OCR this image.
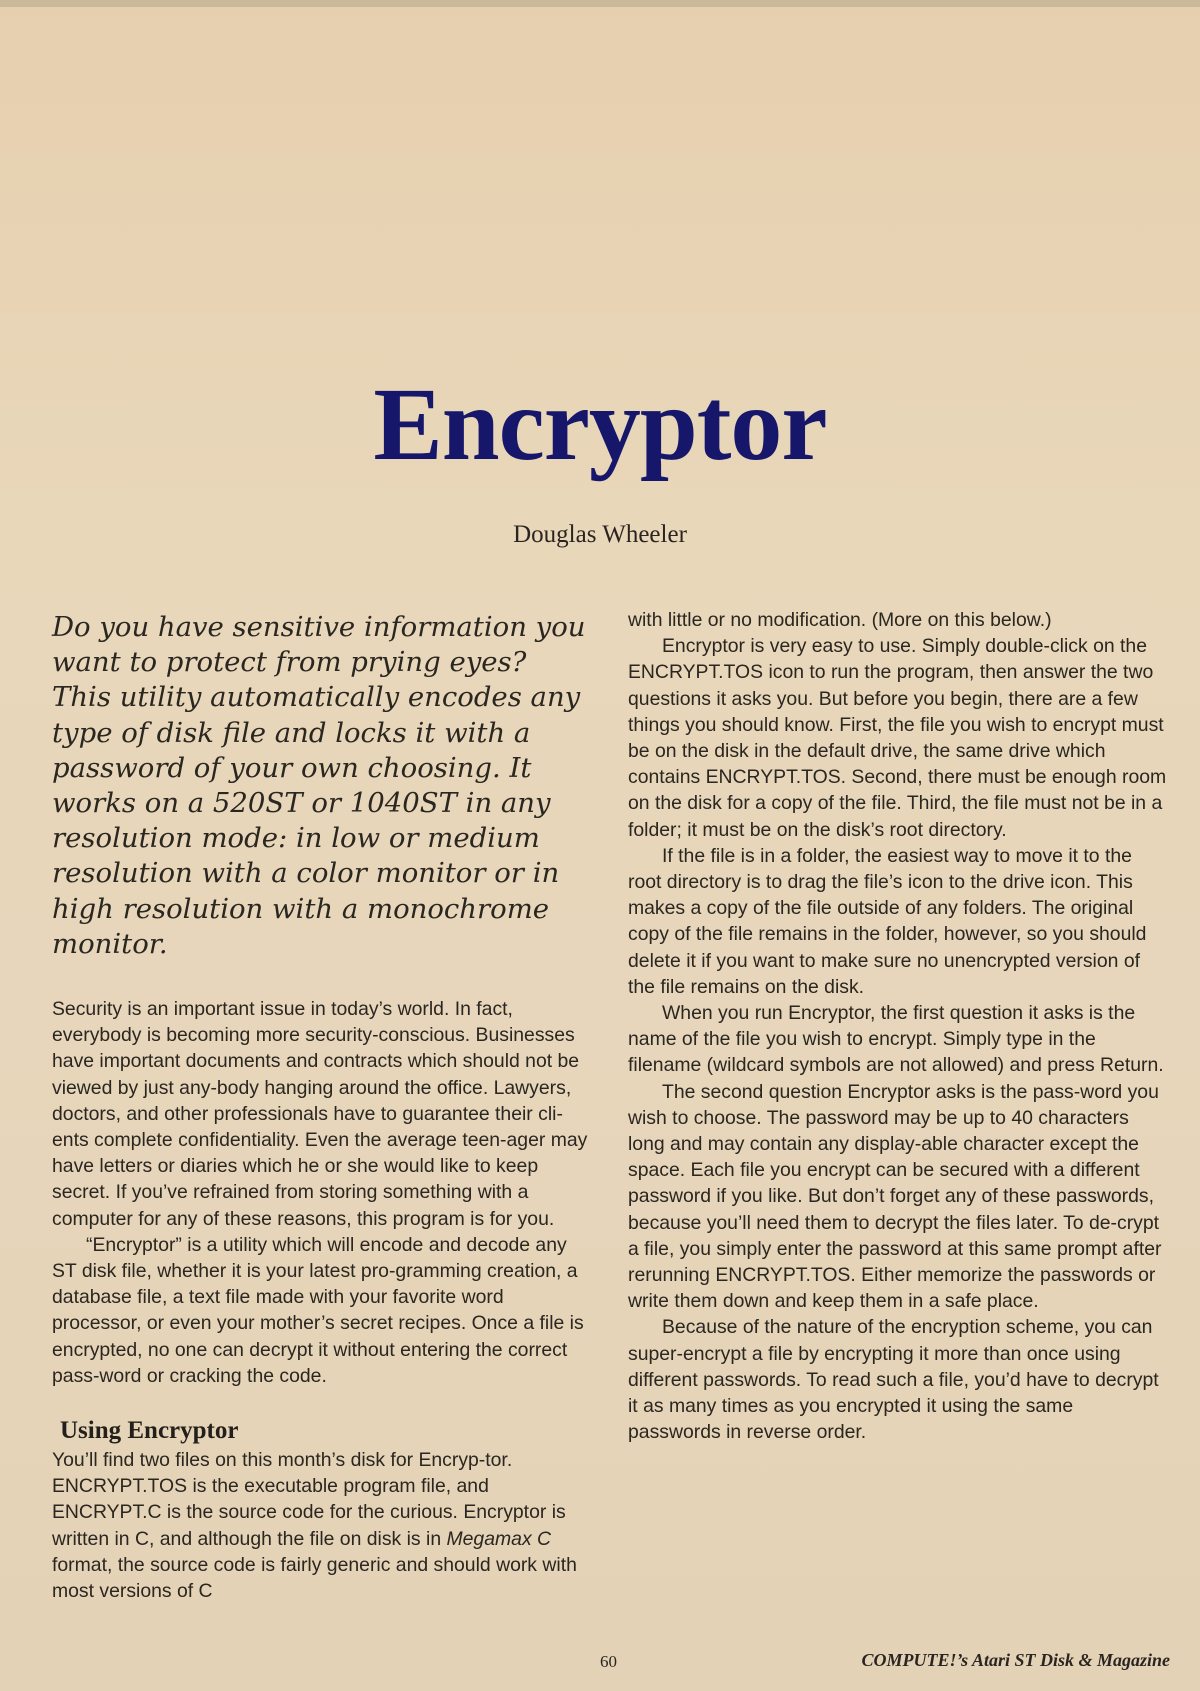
Encryptor
Douglas Wheeler

Do you have sensitive information you want to protect from prying eyes? This utility automatically encodes any type of disk file and locks it with a password of your own choosing. It works on a 520ST or 1040ST in any resolution mode: in low or medium resolution with a color monitor or in high resolution with a monochrome monitor.

Security is an important issue in today’s world. In fact, everybody is becoming more security-conscious. Businesses have important documents and contracts which should not be viewed by just any-body hanging around the office. Lawyers, doctors, and other professionals have to guarantee their cli-ents complete confidentiality. Even the average teen-ager may have letters or diaries which he or she would like to keep secret. If you’ve refrained from storing something with a computer for any of these reasons, this program is for you.

“Encryptor” is a utility which will encode and decode any ST disk file, whether it is your latest pro-gramming creation, a database file, a text file made with your favorite word processor, or even your mother’s secret recipes. Once a file is encrypted, no one can decrypt it without entering the correct pass-word or cracking the code.

Using Encryptor

You’ll find two files on this month’s disk for Encryp-tor. ENCRYPT.TOS is the executable program file, and ENCRYPT.C is the source code for the curious. Encryptor is written in C, and although the file on disk is in Megamax C format, the source code is fairly generic and should work with most versions of C

with little or no modification. (More on this below.)

Encryptor is very easy to use. Simply double-click on the ENCRYPT.TOS icon to run the program, then answer the two questions it asks you. But before you begin, there are a few things you should know. First, the file you wish to encrypt must be on the disk in the default drive, the same drive which contains ENCRYPT.TOS. Second, there must be enough room on the disk for a copy of the file. Third, the file must not be in a folder; it must be on the disk’s root directory.

If the file is in a folder, the easiest way to move it to the root directory is to drag the file’s icon to the drive icon. This makes a copy of the file outside of any folders. The original copy of the file remains in the folder, however, so you should delete it if you want to make sure no unencrypted version of the file remains on the disk.

When you run Encryptor, the first question it asks is the name of the file you wish to encrypt. Simply type in the filename (wildcard symbols are not allowed) and press Return.

The second question Encryptor asks is the pass-word you wish to choose. The password may be up to 40 characters long and may contain any display-able character except the space. Each file you encrypt can be secured with a different password if you like. But don’t forget any of these passwords, because you’ll need them to decrypt the files later. To de-crypt a file, you simply enter the password at this same prompt after rerunning ENCRYPT.TOS. Either memorize the passwords or write them down and keep them in a safe place.

Because of the nature of the encryption scheme, you can super-encrypt a file by encrypting it more than once using different passwords. To read such a file, you’d have to decrypt it as many times as you encrypted it using the same passwords in reverse order.

60	COMPUTE!’s Atari ST Disk & Magazine
